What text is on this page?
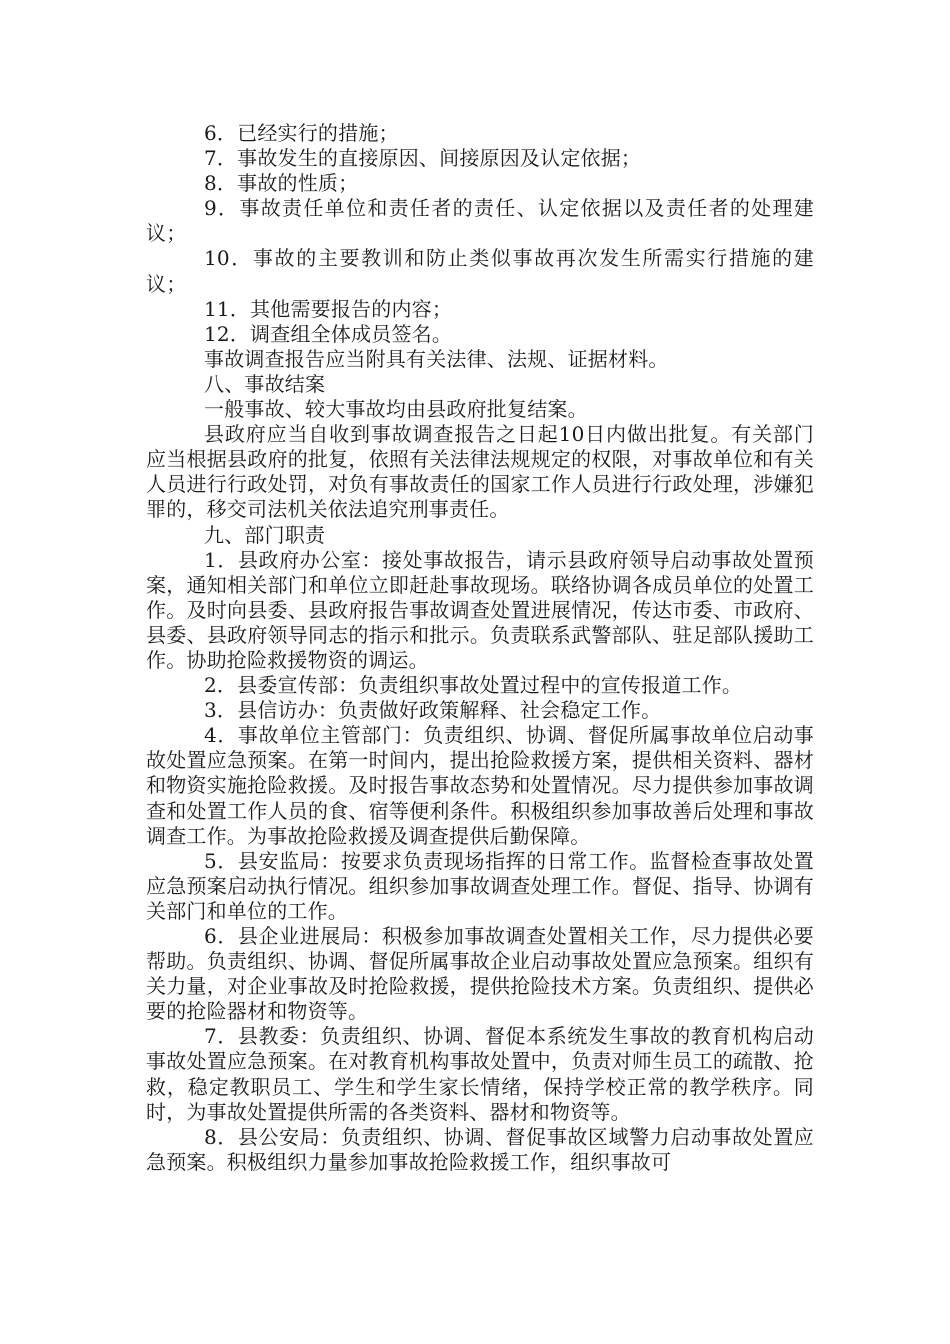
6．已经实行的措施；

7．事故发生的直接原因、间接原因及认定依据；

8．事故的性质；

9．事故责任单位和责任者的责任、认定依据以及责任者的处理建议；

10．事故的主要教训和防止类似事故再次发生所需实行措施的建议；

11．其他需要报告的内容；

12．调查组全体成员签名。

事故调查报告应当附具有关法律、法规、证据材料。

八、事故结案

一般事故、较大事故均由县政府批复结案。

县政府应当自收到事故调查报告之日起10日内做出批复。有关部门应当根据县政府的批复，依照有关法律法规规定的权限，对事故单位和有关人员进行行政处罚，对负有事故责任的国家工作人员进行行政处理，涉嫌犯罪的，移交司法机关依法追究刑事责任。

九、部门职责

1．县政府办公室：接处事故报告，请示县政府领导启动事故处置预案，通知相关部门和单位立即赶赴事故现场。联络协调各成员单位的处置工作。及时向县委、县政府报告事故调查处置进展情况，传达市委、市政府、县委、县政府领导同志的指示和批示。负责联系武警部队、驻足部队援助工作。协助抢险救援物资的调运。

2．县委宣传部：负责组织事故处置过程中的宣传报道工作。

3．县信访办：负责做好政策解释、社会稳定工作。

4．事故单位主管部门：负责组织、协调、督促所属事故单位启动事故处置应急预案。在第一时间内，提出抢险救援方案，提供相关资料、器材和物资实施抢险救援。及时报告事故态势和处置情况。尽力提供参加事故调查和处置工作人员的食、宿等便利条件。积极组织参加事故善后处理和事故调查工作。为事故抢险救援及调查提供后勤保障。

5．县安监局：按要求负责现场指挥的日常工作。监督检查事故处置应急预案启动执行情况。组织参加事故调查处理工作。督促、指导、协调有关部门和单位的工作。

6．县企业进展局：积极参加事故调查处置相关工作，尽力提供必要帮助。负责组织、协调、督促所属事故企业启动事故处置应急预案。组织有关力量，对企业事故及时抢险救援，提供抢险技术方案。负责组织、提供必要的抢险器材和物资等。

7．县教委：负责组织、协调、督促本系统发生事故的教育机构启动事故处置应急预案。在对教育机构事故处置中，负责对师生员工的疏散、抢救，稳定教职员工、学生和学生家长情绪，保持学校正常的教学秩序。同时，为事故处置提供所需的各类资料、器材和物资等。

8．县公安局：负责组织、协调、督促事故区域警力启动事故处置应急预案。积极组织力量参加事故抢险救援工作，组织事故可
